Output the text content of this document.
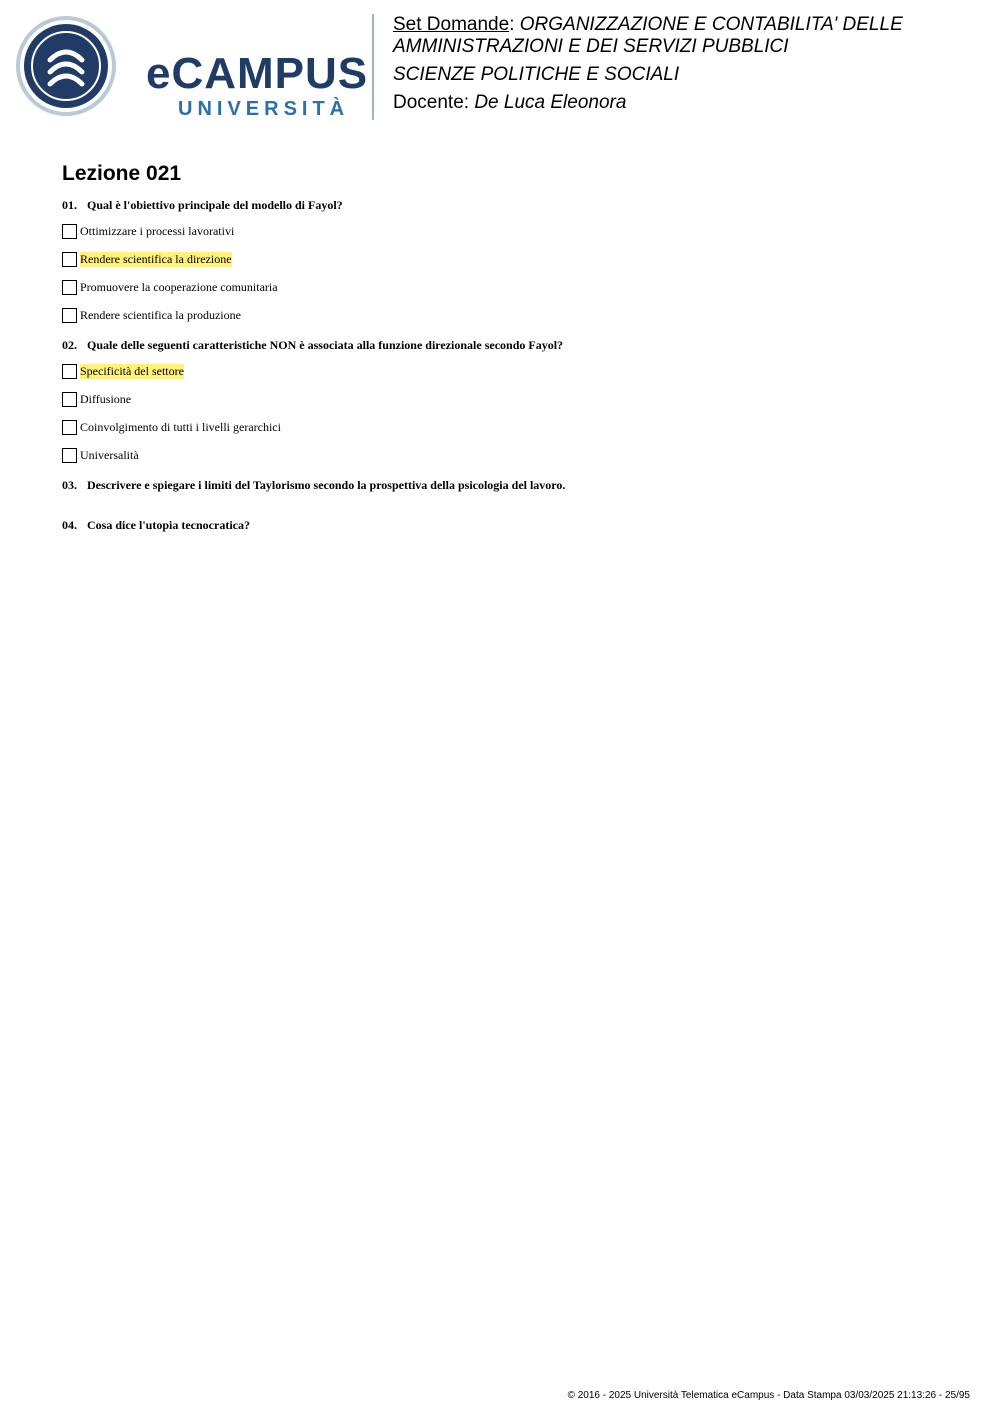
eCAMPUS
UNIVERSITÀ
Set Domande: ORGANIZZAZIONE E CONTABILITA' DELLE AMMINISTRAZIONI E DEI SERVIZI PUBBLICI
SCIENZE POLITICHE E SOCIALI
Docente: De Luca Eleonora
Lezione 021

01. Qual è l'obiettivo principale del modello di Fayol?

Ottimizzare i processi lavorativi
Rendere scientifica la direzione
Promuovere la cooperazione comunitaria
Rendere scientifica la produzione

02. Quale delle seguenti caratteristiche NON è associata alla funzione direzionale secondo Fayol?

Specificità del settore
Diffusione
Coinvolgimento di tutti i livelli gerarchici
Universalità

03. Descrivere e spiegare i limiti del Taylorismo secondo la prospettiva della psicologia del lavoro.

04. Cosa dice l'utopia tecnocratica?

© 2016 - 2025 Università Telematica eCampus - Data Stampa 03/03/2025 21:13:26 - 25/95
